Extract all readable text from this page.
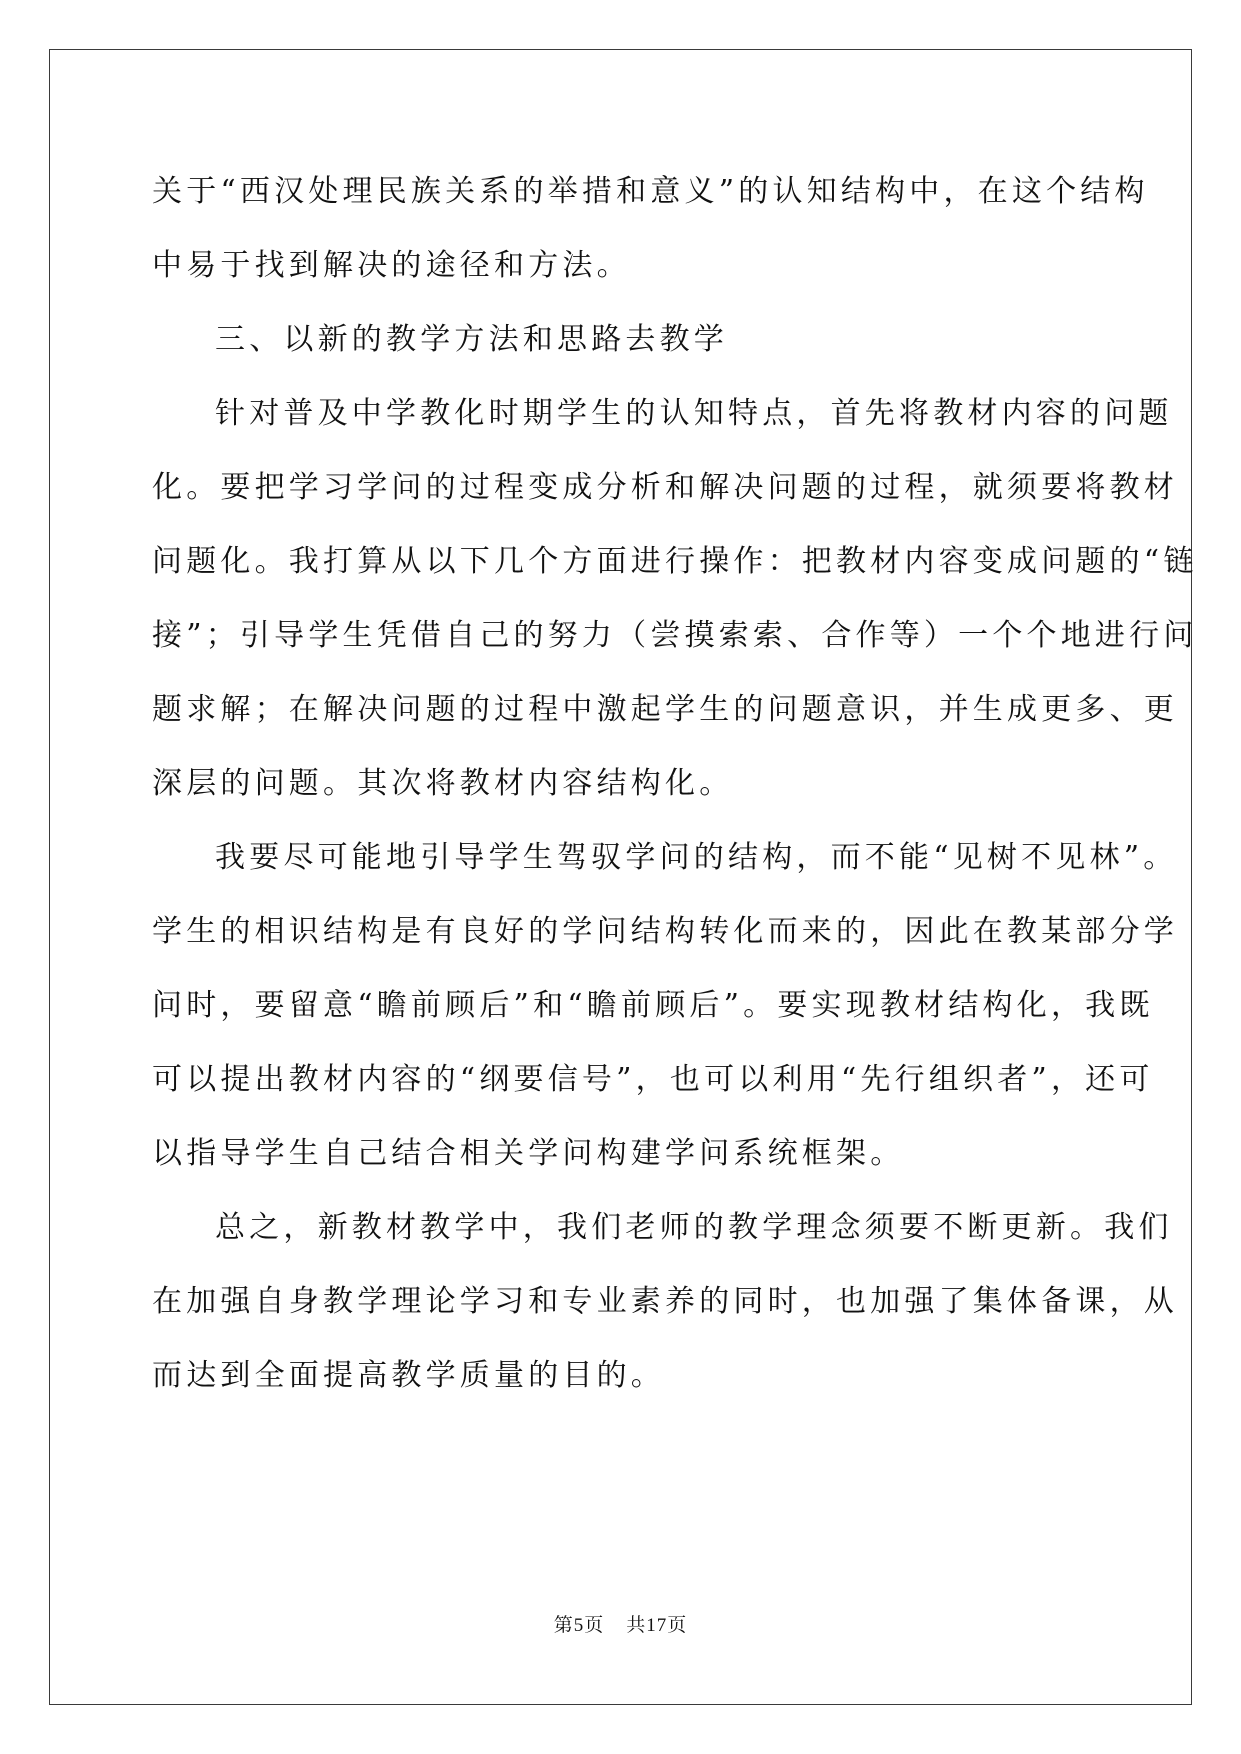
关于“西汉处理民族关系的举措和意义”的认知结构中，在这个结构
中易于找到解决的途径和方法。
三、以新的教学方法和思路去教学
针对普及中学教化时期学生的认知特点，首先将教材内容的问题
化。要把学习学问的过程变成分析和解决问题的过程，就须要将教材
问题化。我打算从以下几个方面进行操作：把教材内容变成问题的“链
接”；引导学生凭借自己的努力（尝摸索索、合作等）一个个地进行问
题求解；在解决问题的过程中激起学生的问题意识，并生成更多、更
深层的问题。其次将教材内容结构化。
我要尽可能地引导学生驾驭学问的结构，而不能“见树不见林”。
学生的相识结构是有良好的学问结构转化而来的，因此在教某部分学
问时，要留意“瞻前顾后”和“瞻前顾后”。要实现教材结构化，我既
可以提出教材内容的“纲要信号”，也可以利用“先行组织者”，还可
以指导学生自己结合相关学问构建学问系统框架。
总之，新教材教学中，我们老师的教学理念须要不断更新。我们
在加强自身教学理论学习和专业素养的同时，也加强了集体备课，从
而达到全面提高教学质量的目的。
第5页 共17页
